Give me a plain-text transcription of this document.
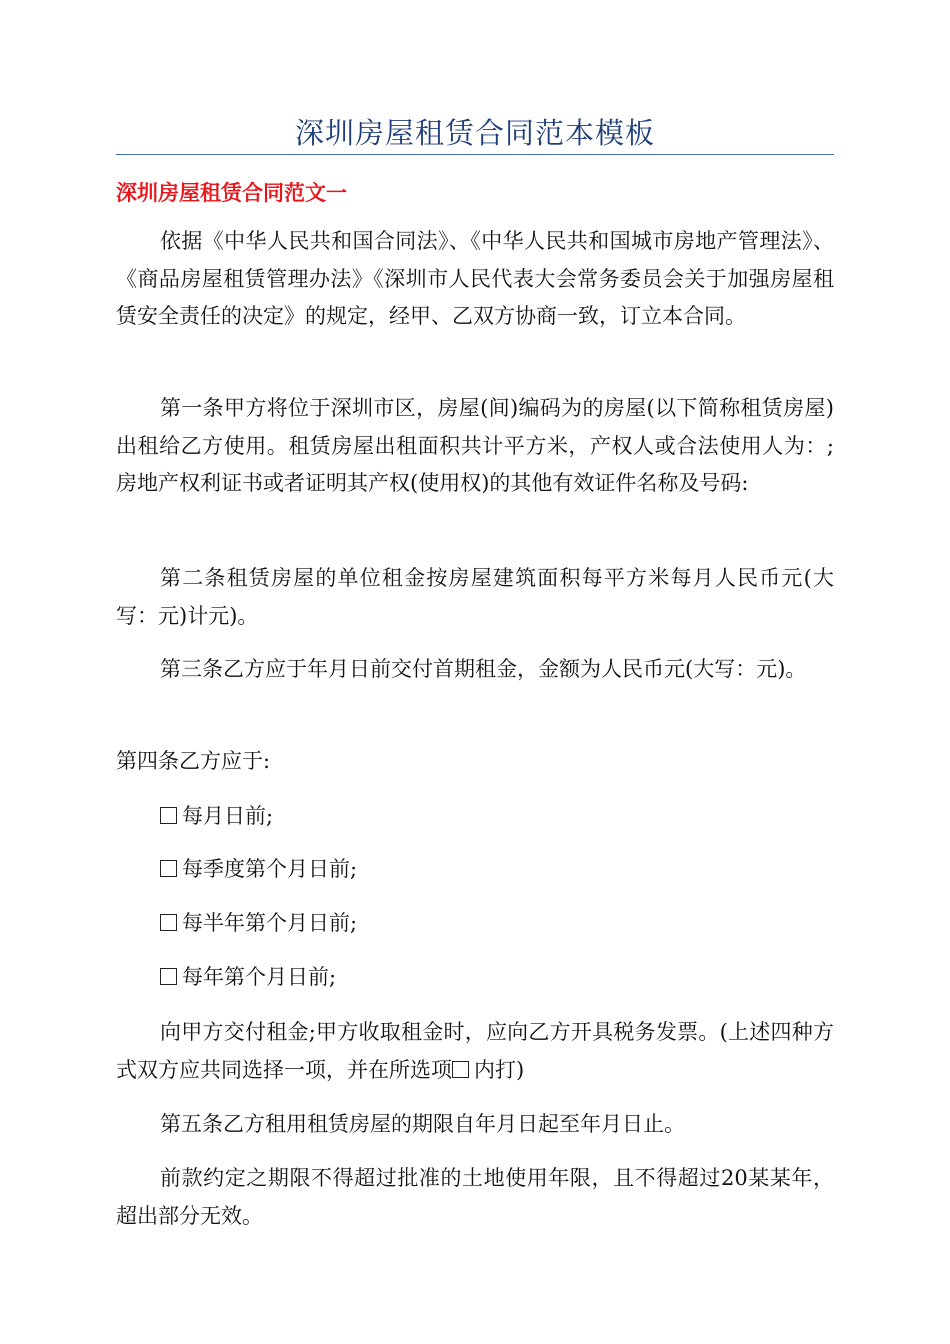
深圳房屋租赁合同范本模板
深圳房屋租赁合同范文一

依据《中华人民共和国合同法》、《中华人民共和国城市房地产管理法》、《商品房屋租赁管理办法》《深圳市人民代表大会常务委员会关于加强房屋租赁安全责任的决定》的规定，经甲、乙双方协商一致，订立本合同。

第一条甲方将位于深圳市区，房屋(间)编码为的房屋(以下简称租赁房屋)出租给乙方使用。租赁房屋出租面积共计平方米，产权人或合法使用人为：;房地产权利证书或者证明其产权(使用权)的其他有效证件名称及号码:

第二条租赁房屋的单位租金按房屋建筑面积每平方米每月人民币元(大写：元)计元)。

第三条乙方应于年月日前交付首期租金，金额为人民币元(大写：元)。

第四条乙方应于:

每月日前;
每季度第个月日前;
每半年第个月日前;
每年第个月日前;

向甲方交付租金;甲方收取租金时，应向乙方开具税务发票。(上述四种方式双方应共同选择一项，并在所选项 内打)

第五条乙方租用租赁房屋的期限自年月日起至年月日止。

前款约定之期限不得超过批准的土地使用年限，且不得超过20某某年，超出部分无效。
